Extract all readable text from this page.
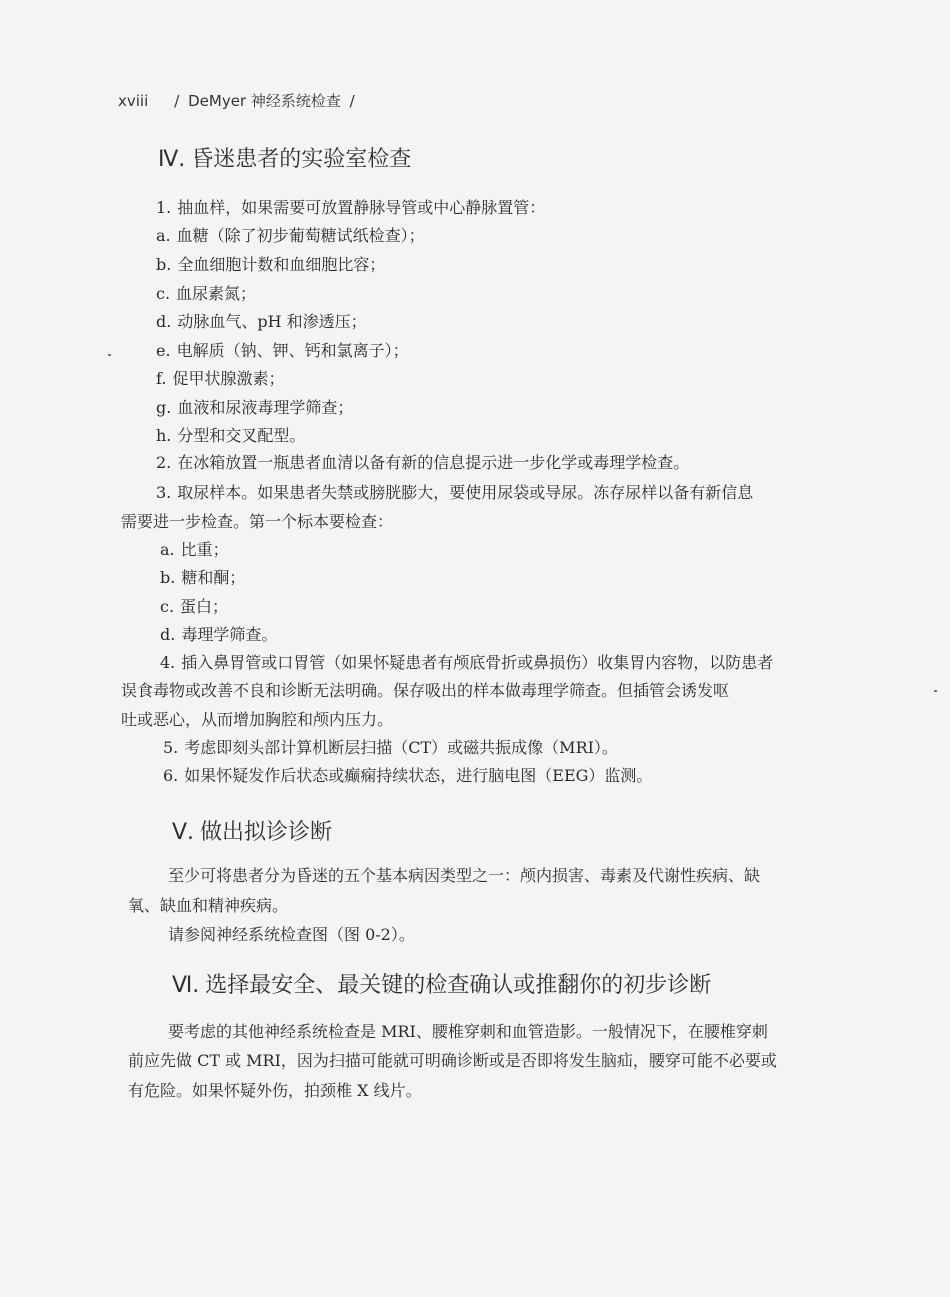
xviii / DeMyer 神经系统检查 /
Ⅳ. 昏迷患者的实验室检查
1. 抽血样，如果需要可放置静脉导管或中心静脉置管：
a. 血糖（除了初步葡萄糖试纸检查）；
b. 全血细胞计数和血细胞比容；
c. 血尿素氮；
d. 动脉血气、pH 和渗透压；
e. 电解质（钠、钾、钙和氯离子）；
f. 促甲状腺激素；
g. 血液和尿液毒理学筛查；
h. 分型和交叉配型。
2. 在冰箱放置一瓶患者血清以备有新的信息提示进一步化学或毒理学检查。
3. 取尿样本。如果患者失禁或膀胱膨大，要使用尿袋或导尿。冻存尿样以备有新信息
需要进一步检查。第一个标本要检查：
a. 比重；
b. 糖和酮；
c. 蛋白；
d. 毒理学筛查。
4. 插入鼻胃管或口胃管（如果怀疑患者有颅底骨折或鼻损伤）收集胃内容物，以防患者
误食毒物或改善不良和诊断无法明确。保存吸出的样本做毒理学筛查。但插管会诱发呕
吐或恶心，从而增加胸腔和颅内压力。
5. 考虑即刻头部计算机断层扫描（CT）或磁共振成像（MRI）。
6. 如果怀疑发作后状态或癫痫持续状态，进行脑电图（EEG）监测。
Ⅴ. 做出拟诊诊断
至少可将患者分为昏迷的五个基本病因类型之一：颅内损害、毒素及代谢性疾病、缺
氧、缺血和精神疾病。
请参阅神经系统检查图（图 0-2）。
Ⅵ. 选择最安全、最关键的检查确认或推翻你的初步诊断
要考虑的其他神经系统检查是 MRI、腰椎穿刺和血管造影。一般情况下，在腰椎穿刺
前应先做 CT 或 MRI，因为扫描可能就可明确诊断或是否即将发生脑疝，腰穿可能不必要或
有危险。如果怀疑外伤，拍颈椎 X 线片。
